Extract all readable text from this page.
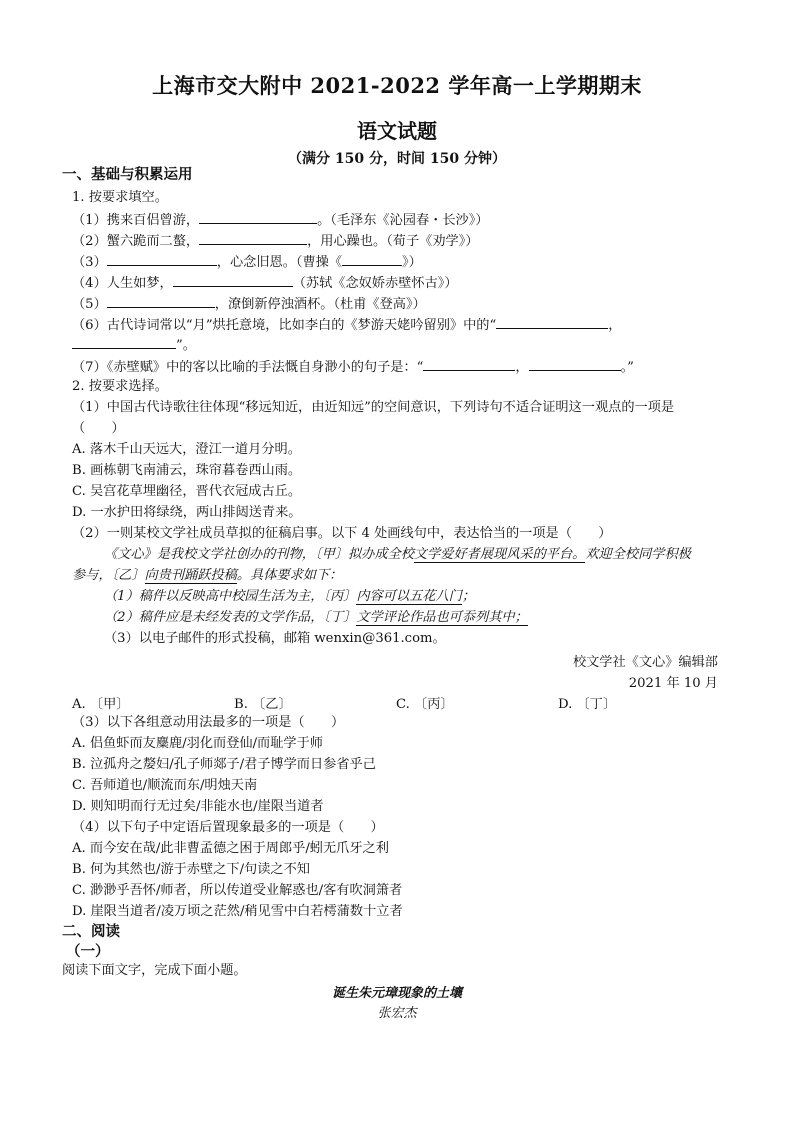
上海市交大附中 2021-2022 学年高一上学期期末
语文试题
（满分 150 分，时间 150 分钟）
一、基础与积累运用
1. 按要求填空。
（1）携来百侣曾游，	。（毛泽东《沁园春・长沙》）
（2）蟹六跪而二螯，	，用心躁也。（荀子《劝学》）
（3）	，心念旧恩。（曹操《	》）
（4）人生如梦，	（苏轼《念奴娇赤壁怀古》）
（5）	，潦倒新停浊酒杯。（杜甫《登高》）
（6）古代诗词常以“月”烘托意境，比如李白的《梦游天姥吟留别》中的“	，
”。
（7）《赤壁赋》中的客以比喻的手法慨自身渺小的句子是：“	，	。”
2. 按要求选择。
（1）中国古代诗歌往往体现“移远知近，由近知远”的空间意识，下列诗句不适合证明这一观点的一项是
（　　）
A. 落木千山天远大，澄江一道月分明。
B. 画栋朝飞南浦云，珠帘暮卷西山雨。
C. 吴宫花草埋幽径，晋代衣冠成古丘。
D. 一水护田将绿绕，两山排闼送青来。
（2）一则某校文学社成员草拟的征稿启事。以下 4 处画线句中，表达恰当的一项是（　　）
《文心》是我校文学社创办的刊物，〔甲〕拟办成全校文学爱好者展现风采的平台。欢迎全校同学积极
参与，〔乙〕向贵刊踊跃投稿。具体要求如下：
（1）稿件以反映高中校园生活为主，〔丙〕内容可以五花八门；
（2）稿件应是未经发表的文学作品，〔丁〕文学评论作品也可忝列其中；
（3）以电子邮件的形式投稿，邮箱 wenxin@361.com。
校文学社《文心》编辑部
2021 年 10 月
A. 〔甲〕	B. 〔乙〕	C. 〔丙〕	D. 〔丁〕
（3）以下各组意动用法最多的一项是（　　）
A. 侣鱼虾而友麋鹿/羽化而登仙/而耻学于师
B. 泣孤舟之嫠妇/孔子师郯子/君子博学而日参省乎己
C. 吾师道也/顺流而东/明烛天南
D. 则知明而行无过矣/非能水也/崖限当道者
（4）以下句子中定语后置现象最多的一项是（　　）
A. 而今安在哉/此非曹孟德之困于周郎乎/蚓无爪牙之利
B. 何为其然也/游于赤壁之下/句读之不知
C. 渺渺乎吾怀/师者，所以传道受业解惑也/客有吹洞箫者
D. 崖限当道者/凌万顷之茫然/稍见雪中白若樗蒲数十立者
二、阅读
（一）
阅读下面文字，完成下面小题。
诞生朱元璋现象的土壤
张宏杰
